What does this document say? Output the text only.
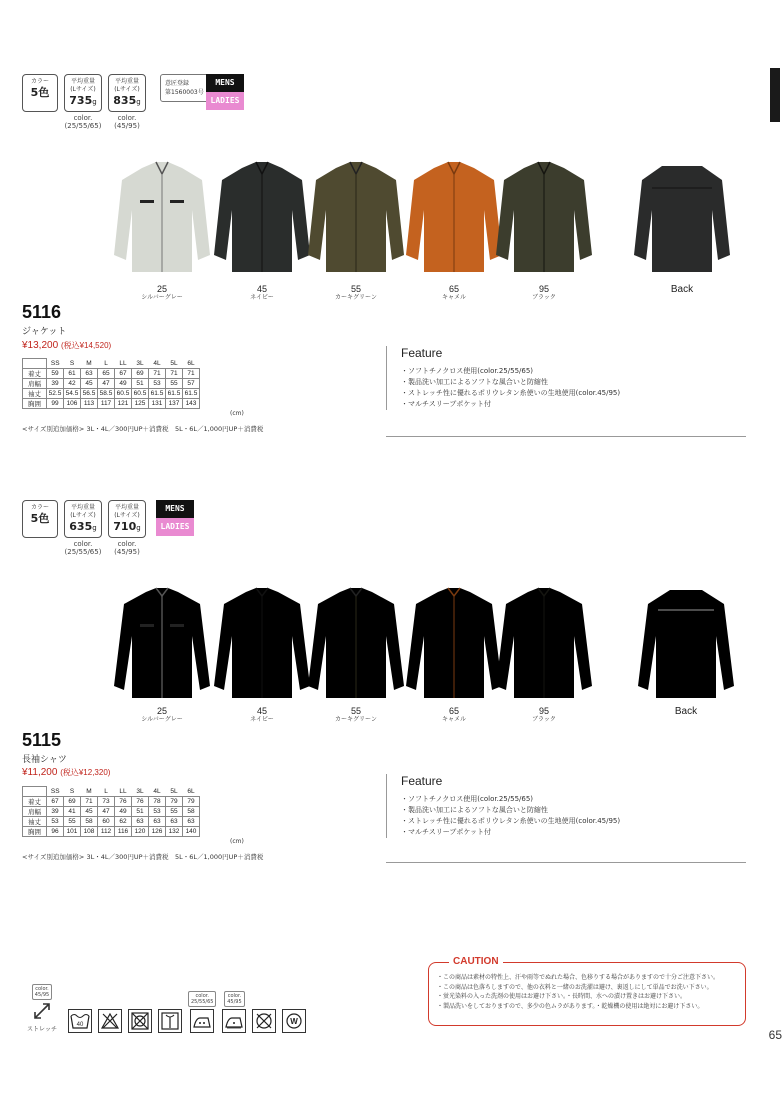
カラー
5色
平均重量
(Lサイズ)
735g
color.
(25/55/65)
平均重量
(Lサイズ)
835g
color.
(45/95)
意匠登録
第1560003号
MENS
LADIES
25
シルバーグレー
45
ネイビー
55
カーキグリーン
65
キャメル
95
ブラック
Back
5116
ジャケット
¥13,200 (税込¥14,520)
	SS	S	M	L	LL	3L	4L	5L	6L
着丈	59	61	63	65	67	69	71	71	71
肩幅	39	42	45	47	49	51	53	55	57
袖丈	52.5	54.5	56.5	58.5	60.5	60.5	61.5	61.5	61.5
胸囲	99	106	113	117	121	125	131	137	143
(cm)
<サイズ別追加価格> 3L・4L／300円UP＋消費税　5L・6L／1,000円UP＋消費税
Feature
・ソフトチノクロス使用(color.25/55/65)
・製品洗い加工によるソフトな風合いと防縮性
・ストレッチ性に優れるポリウレタン糸使いの生地使用(color.45/95)
・マルチスリーブポケット付
カラー
5色
平均重量
(Lサイズ)
635g
color.
(25/55/65)
平均重量
(Lサイズ)
710g
color.
(45/95)
MENS
LADIES
25
シルバーグレー
45
ネイビー
55
カーキグリーン
65
キャメル
95
ブラック
Back
5115
長袖シャツ
¥11,200 (税込¥12,320)
	SS	S	M	L	LL	3L	4L	5L	6L
着丈	67	69	71	73	76	76	78	79	79
肩幅	39	41	45	47	49	51	53	55	58
袖丈	53	55	58	60	62	63	63	63	63
胸囲	96	101	108	112	116	120	126	132	140
(cm)
<サイズ別追加価格> 3L・4L／300円UP＋消費税　5L・6L／1,000円UP＋消費税
Feature
・ソフトチノクロス使用(color.25/55/65)
・製品洗い加工によるソフトな風合いと防縮性
・ストレッチ性に優れるポリウレタン糸使いの生地使用(color.45/95)
・マルチスリーブポケット付
color.
45/95
ストレッチ
40
color.
25/55/65
color.
45/95
W
CAUTION
・この商品は素材の特性上、汗や雨等でぬれた場合、色移りする場合がありますので十分ご注意下さい。
・この商品は色落ちしますので、他の衣料と一緒のお洗濯は避け、裏返しにして単品でお洗い下さい。
・蛍光染料の入った洗剤の使用はお避け下さい。・長時間、水への漬け置きはお避け下さい。
・製品洗いをしておりますので、多少の色ムラがあります。・乾燥機の使用は絶対にお避け下さい。
65
